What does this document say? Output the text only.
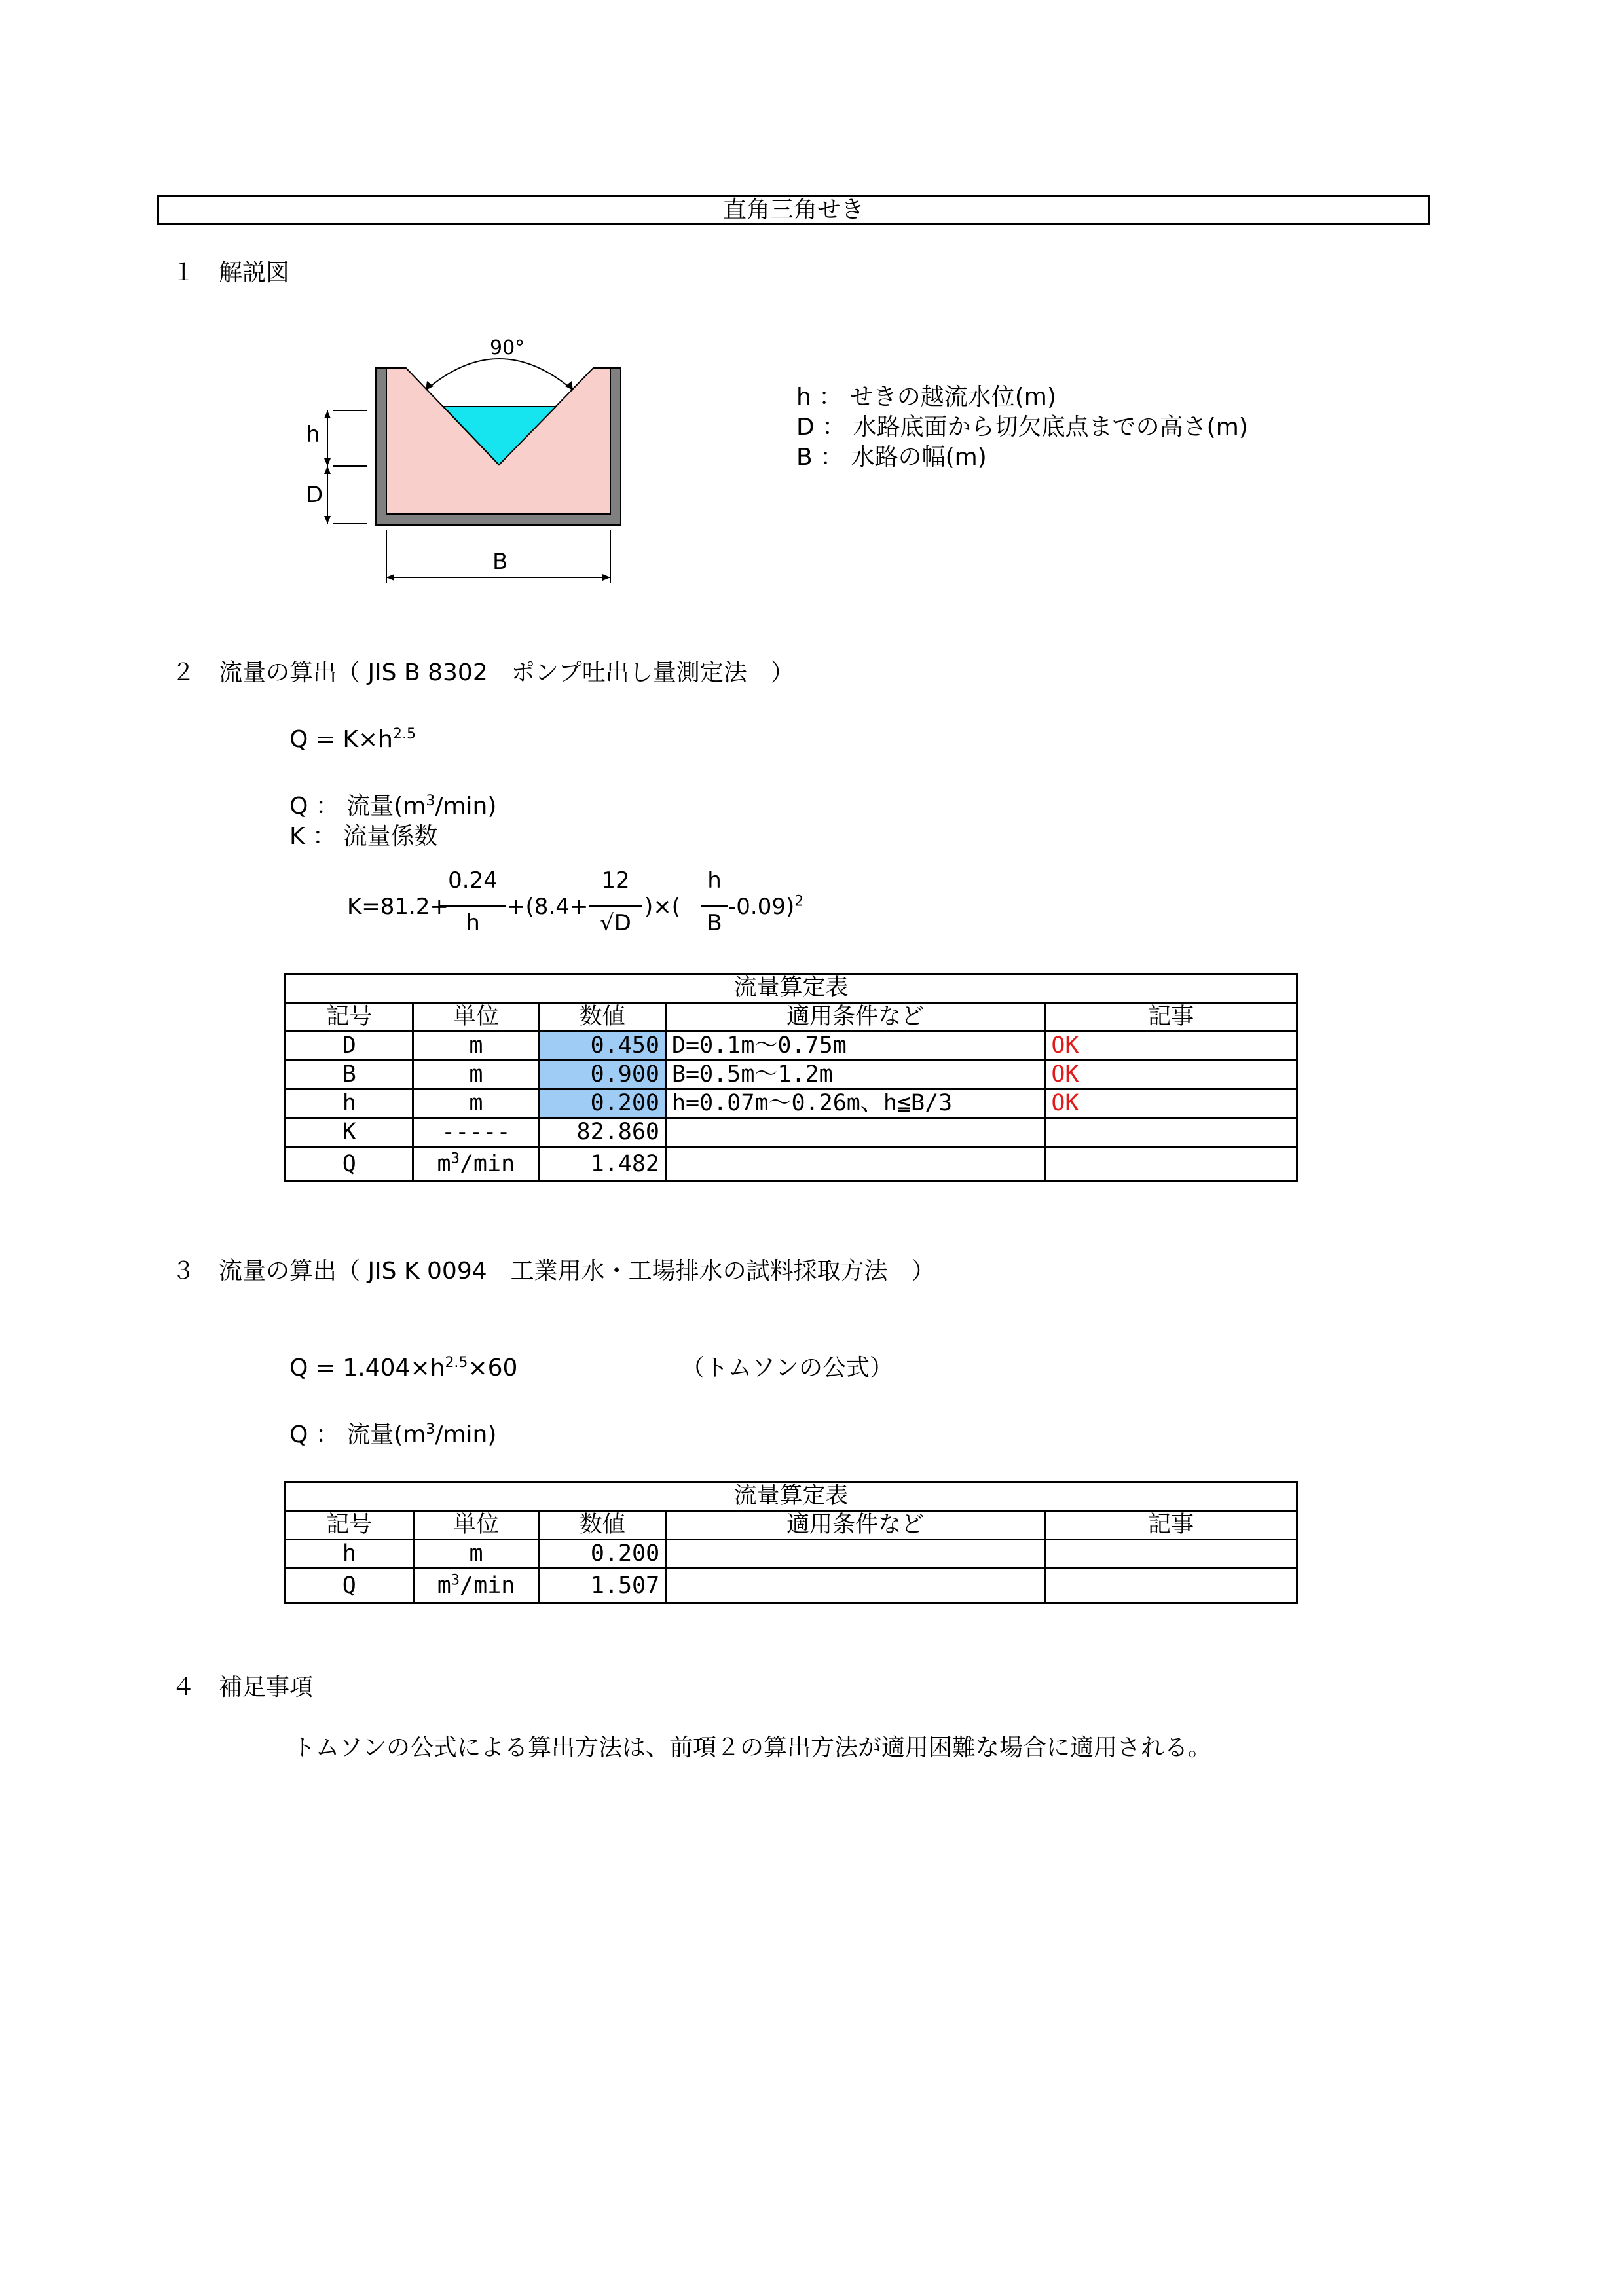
直角三角せき
１ 解説図
90°
h
D
B
h ： せきの越流水位(m)
D ： 水路底面から切欠底点までの高さ(m)
B ： 水路の幅(m)
２ 流量の算出（ JIS B 8302　ポンプ吐出し量測定法　）
$Q = K\times h^{2.5}$
Q ： 流量$(m^3/\min)$
K ： 流量係数
K=81.2+
0.24
h
+(8.4+
12
√D
)×(
h
B
-0.09)$^2$
流量算定表				
記号	単位	数値	適用条件など	記事
D	m	0.450	D=0.1m～0.75m	OK
B	m	0.900	B=0.5m～1.2m	OK
h	m	0.200	h=0.07m～0.26m、h≦B/3	OK
K	-----	82.860		
Q	$m^3/\min$	1.482		
３ 流量の算出（ JIS K 0094　工業用水・工場排水の試料採取方法　）
$Q = 1.404\times h^{2.5}\times 60$	（トムソンの公式）
Q ： 流量$(m^3/\min)$
流量算定表				
記号	単位	数値	適用条件など	記事
h	m	0.200		
Q	$m^3/\min$	1.507		
４ 補足事項
トムソンの公式による算出方法は、前項２の算出方法が適用困難な場合に適用される。
